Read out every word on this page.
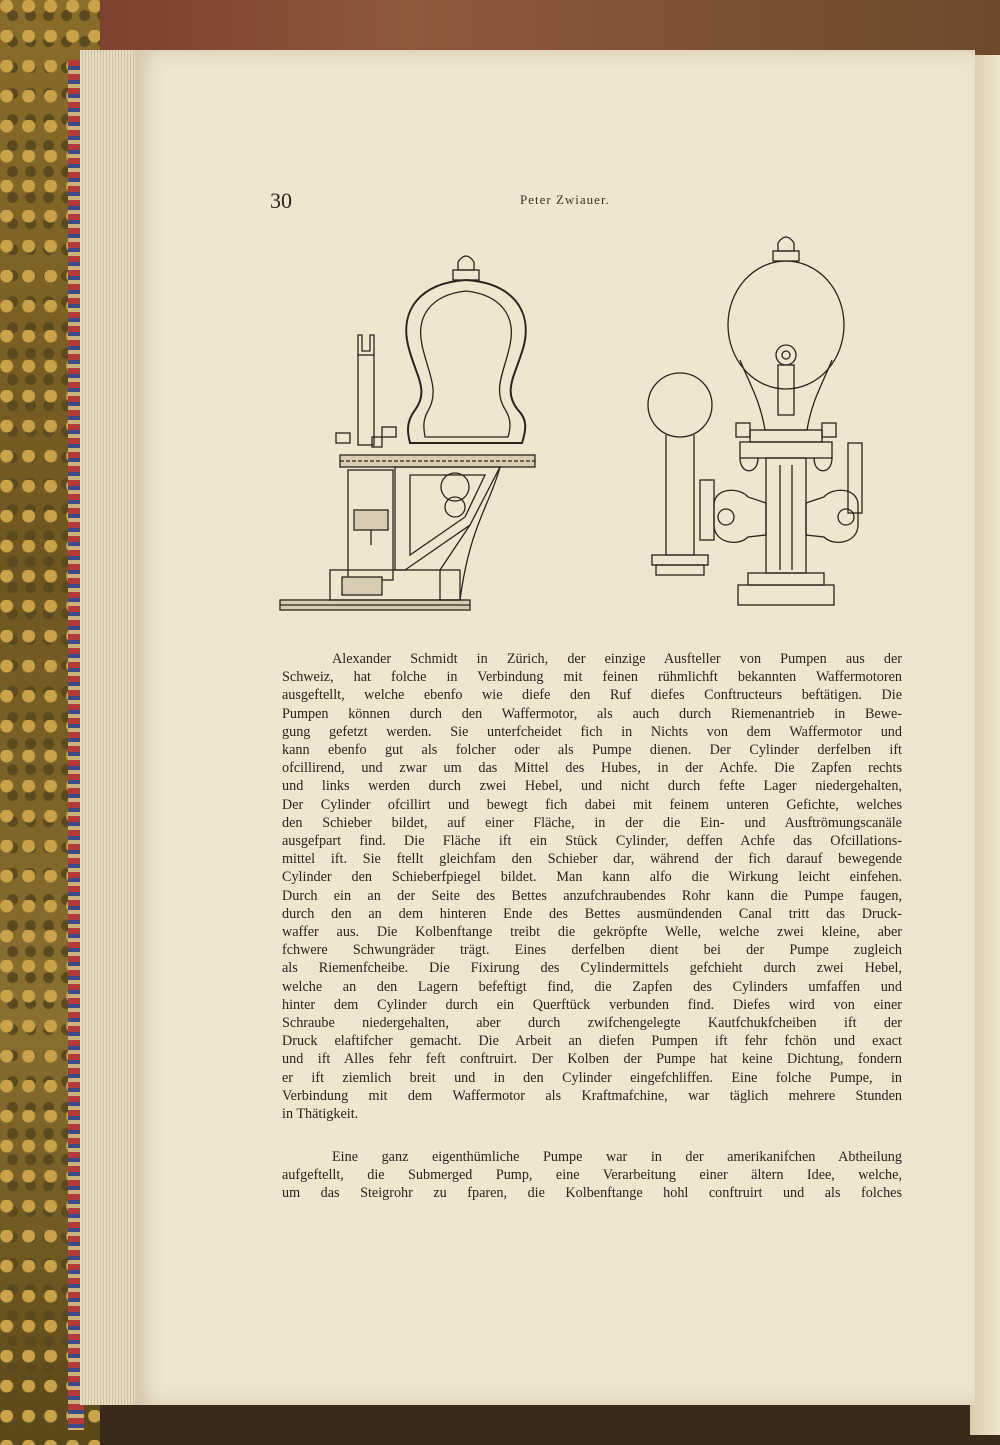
30	Peter Zwiauer.
Alexander Schmidt in Zürich, der einzige Ausfteller von Pumpen aus der
Schweiz, hat folche in Verbindung mit feinen rühmlichft bekannten Waffermotoren
ausgeftellt, welche ebenfo wie diefe den Ruf diefes Conftructeurs beftätigen. Die
Pumpen können durch den Waffermotor, als auch durch Riemenantrieb in Bewe-
gung gefetzt werden. Sie unterfcheidet fich in Nichts von dem Waffermotor und
kann ebenfo gut als folcher oder als Pumpe dienen. Der Cylinder derfelben ift
ofcillirend, und zwar um das Mittel des Hubes, in der Achfe. Die Zapfen rechts
und links werden durch zwei Hebel, und nicht durch fefte Lager niedergehalten,
Der Cylinder ofcillirt und bewegt fich dabei mit feinem unteren Gefichte, welches
den Schieber bildet, auf einer Fläche, in der die Ein- und Ausftrömungscanäle
ausgefpart find. Die Fläche ift ein Stück Cylinder, deffen Achfe das Ofcillations-
mittel ift. Sie ftellt gleichfam den Schieber dar, während der fich darauf bewegende
Cylinder den Schieberfpiegel bildet. Man kann alfo die Wirkung leicht einfehen.
Durch ein an der Seite des Bettes anzufchraubendes Rohr kann die Pumpe faugen,
durch den an dem hinteren Ende des Bettes ausmündenden Canal tritt das Druck-
waffer aus. Die Kolbenftange treibt die gekröpfte Welle, welche zwei kleine, aber
fchwere Schwungräder trägt. Eines derfelben dient bei der Pumpe zugleich
als Riemenfcheibe. Die Fixirung des Cylindermittels gefchieht durch zwei Hebel,
welche an den Lagern befeftigt find, die Zapfen des Cylinders umfaffen und
hinter dem Cylinder durch ein Querftück verbunden find. Diefes wird von einer
Schraube niedergehalten, aber durch zwifchengelegte Kautfchukfcheiben ift der
Druck elaftifcher gemacht. Die Arbeit an diefen Pumpen ift fehr fchön und exact
und ift Alles fehr feft conftruirt. Der Kolben der Pumpe hat keine Dichtung, fondern
er ift ziemlich breit und in den Cylinder eingefchliffen. Eine folche Pumpe, in
Verbindung mit dem Waffermotor als Kraftmafchine, war täglich mehrere Stunden
in Thätigkeit.
Eine ganz eigenthümliche Pumpe war in der amerikanifchen Abtheilung
aufgeftellt, die Submerged Pump, eine Verarbeitung einer ältern Idee, welche,
um das Steigrohr zu fparen, die Kolbenftange hohl conftruirt und als folches
